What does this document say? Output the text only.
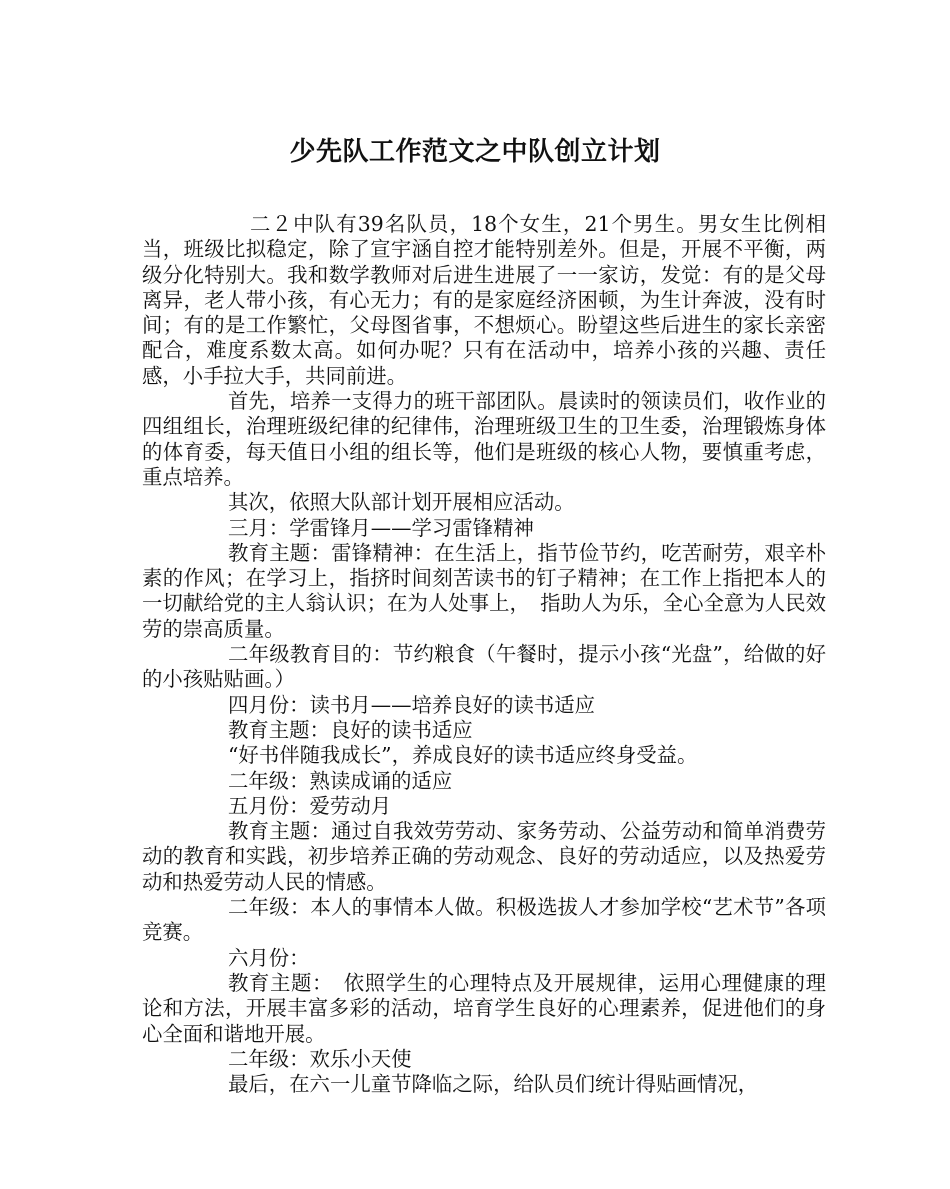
少先队工作范文之中队创立计划

二２中队有39名队员，18个女生，21个男生。男女生比例相当，班级比拟稳定，除了宣宇涵自控才能特别差外。但是，开展不平衡，两级分化特别大。我和数学教师对后进生进展了一一家访，发觉：有的是父母离异，老人带小孩，有心无力；有的是家庭经济困顿，为生计奔波，没有时间；有的是工作繁忙，父母图省事，不想烦心。盼望这些后进生的家长亲密配合，难度系数太高。如何办呢？只有在活动中，培养小孩的兴趣、责任感，小手拉大手，共同前进。

首先，培养一支得力的班干部团队。晨读时的领读员们，收作业的四组组长，治理班级纪律的纪律伟，治理班级卫生的卫生委，治理锻炼身体的体育委，每天值日小组的组长等，他们是班级的核心人物，要慎重考虑，重点培养。

其次，依照大队部计划开展相应活动。

三月：学雷锋月——学习雷锋精神

教育主题：雷锋精神：在生活上，指节俭节约，吃苦耐劳，艰辛朴素的作风；在学习上，指挤时间刻苦读书的钉子精神；在工作上指把本人的一切献给党的主人翁认识；在为人处事上，　指助人为乐，全心全意为人民效劳的崇高质量。

二年级教育目的：节约粮食（午餐时，提示小孩“光盘”，给做的好的小孩贴贴画。）

四月份：读书月——培养良好的读书适应

教育主题：良好的读书适应

“好书伴随我成长”，养成良好的读书适应终身受益。

二年级：熟读成诵的适应

五月份：爱劳动月

教育主题：通过自我效劳劳动、家务劳动、公益劳动和简单消费劳动的教育和实践，初步培养正确的劳动观念、良好的劳动适应，以及热爱劳动和热爱劳动人民的情感。

二年级：本人的事情本人做。积极选拔人才参加学校“艺术节”各项竞赛。

六月份：

教育主题：　依照学生的心理特点及开展规律，运用心理健康的理论和方法，开展丰富多彩的活动，培育学生良好的心理素养，促进他们的身心全面和谐地开展。

二年级：欢乐小天使

最后，在六一儿童节降临之际，给队员们统计得贴画情况，
